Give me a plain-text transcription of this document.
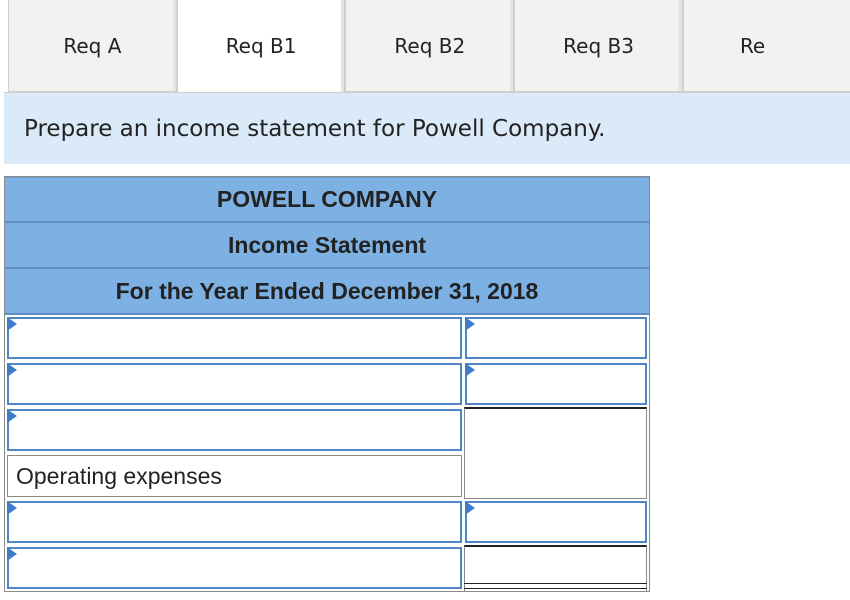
Req A	Req B1	Req B2	Req B3	Re
Prepare an income statement for Powell Company.
POWELL COMPANY
Income Statement
For the Year Ended December 31, 2018
Operating expenses
